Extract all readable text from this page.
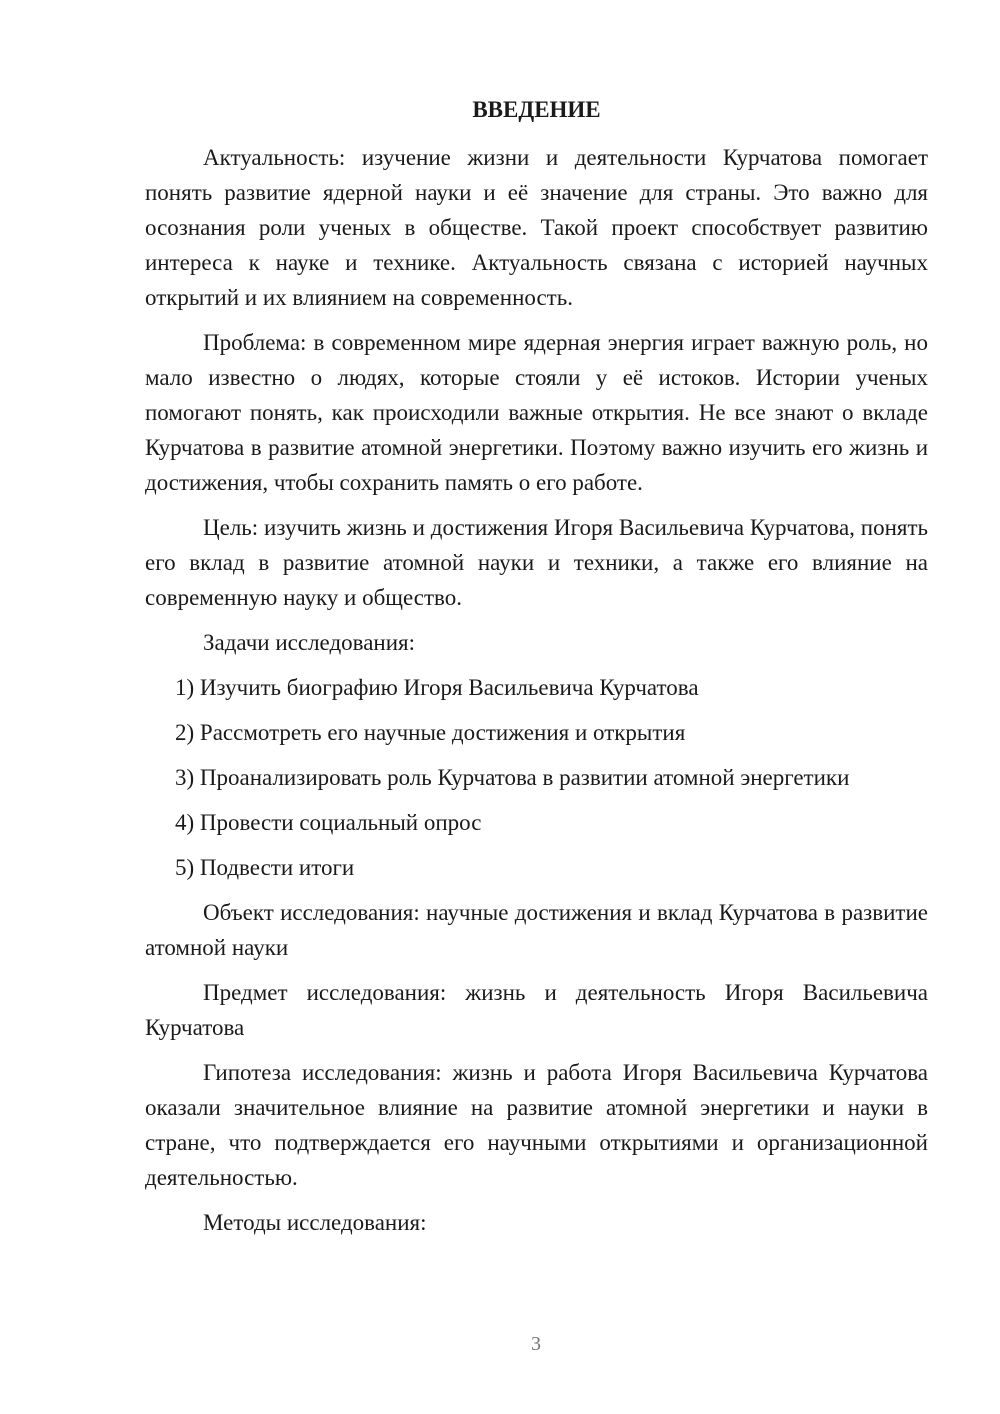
ВВЕДЕНИЕ

Актуальность: изучение жизни и деятельности Курчатова помогает понять развитие ядерной науки и её значение для страны. Это важно для осознания роли ученых в обществе. Такой проект способствует развитию интереса к науке и технике. Актуальность связана с историей научных открытий и их влиянием на современность.

Проблема: в современном мире ядерная энергия играет важную роль, но мало известно о людях, которые стояли у её истоков. Истории ученых помогают понять, как происходили важные открытия. Не все знают о вкладе Курчатова в развитие атомной энергетики. Поэтому важно изучить его жизнь и достижения, чтобы сохранить память о его работе.

Цель: изучить жизнь и достижения Игоря Васильевича Курчатова, понять его вклад в развитие атомной науки и техники, а также его влияние на современную науку и общество.

Задачи исследования:

1) Изучить биографию Игоря Васильевича Курчатова
2) Рассмотреть его научные достижения и открытия
3) Проанализировать роль Курчатова в развитии атомной энергетики
4) Провести социальный опрос
5) Подвести итоги

Объект исследования: научные достижения и вклад Курчатова в развитие атомной науки

Предмет исследования: жизнь и деятельность Игоря Васильевича Курчатова

Гипотеза исследования: жизнь и работа Игоря Васильевича Курчатова оказали значительное влияние на развитие атомной энергетики и науки в стране, что подтверждается его научными открытиями и организационной деятельностью.

Методы исследования:

3
